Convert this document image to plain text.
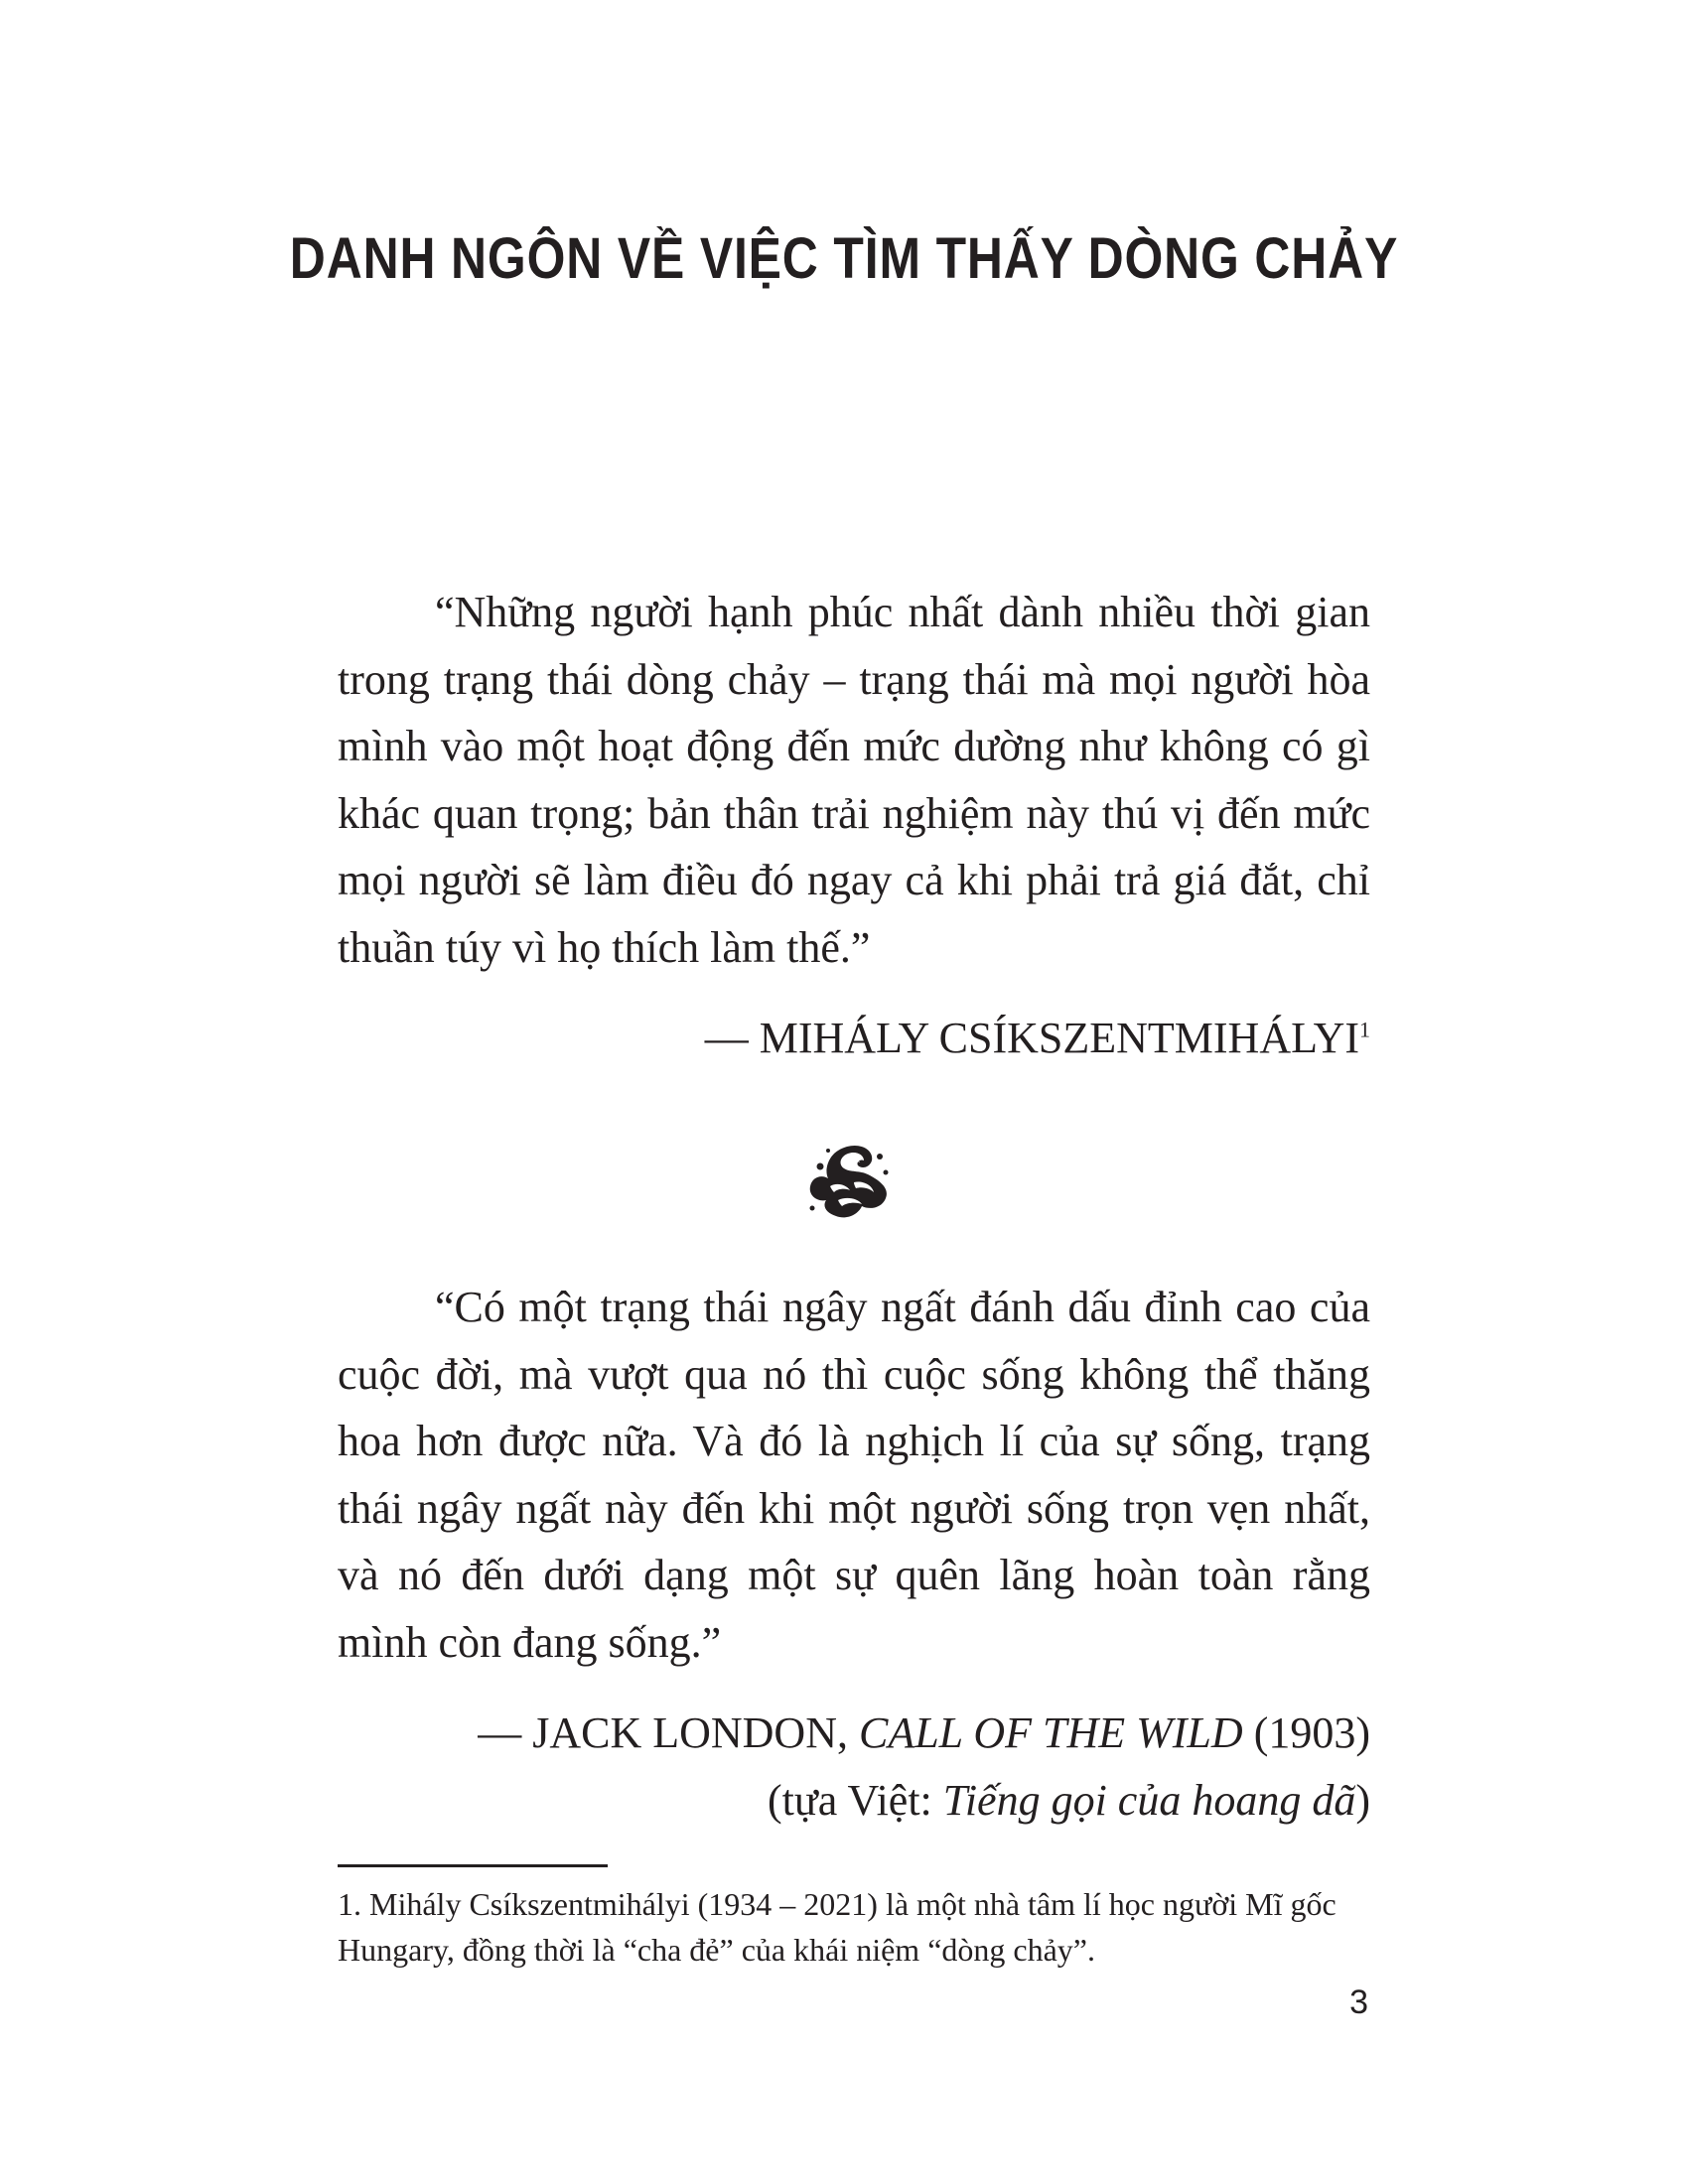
DANH NGÔN VỀ VIỆC TÌM THẤY DÒNG CHẢY

“Những người hạnh phúc nhất dành nhiều thời gian trong trạng thái dòng chảy – trạng thái mà mọi người hòa mình vào một hoạt động đến mức dường như không có gì khác quan trọng; bản thân trải nghiệm này thú vị đến mức mọi người sẽ làm điều đó ngay cả khi phải trả giá đắt, chỉ thuần túy vì họ thích làm thế.”

— MIHÁLY CSÍKSZENTMIHÁLYI$^1$

“Có một trạng thái ngây ngất đánh dấu đỉnh cao của cuộc đời, mà vượt qua nó thì cuộc sống không thể thăng hoa hơn được nữa. Và đó là nghịch lí của sự sống, trạng thái ngây ngất này đến khi một người sống trọn vẹn nhất, và nó đến dưới dạng một sự quên lãng hoàn toàn rằng mình còn đang sống.”

— JACK LONDON, CALL OF THE WILD (1903)
(tựa Việt: Tiếng gọi của hoang dã)

1. Mihály Csíkszentmihályi (1934 – 2021) là một nhà tâm lí học người Mĩ gốc Hungary, đồng thời là “cha đẻ” của khái niệm “dòng chảy”.

3
